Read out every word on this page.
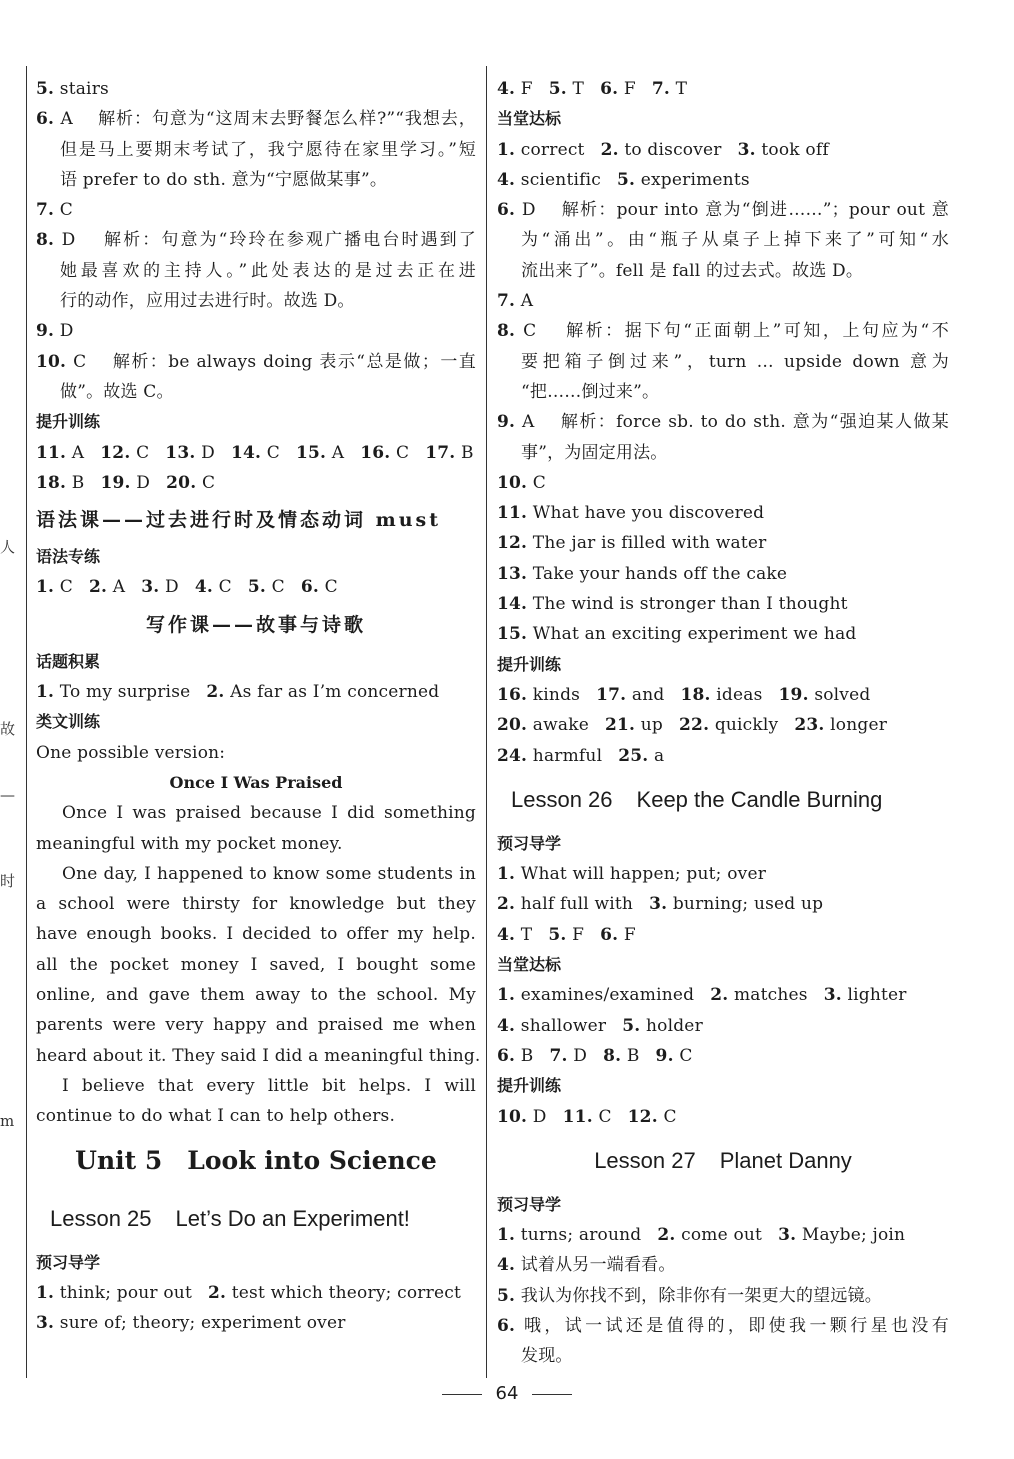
人
故
—
时
m
5. stairs
6. A　 解析：句意为“这周末去野餐怎么样?”“我想去，
但是马上要期末考试了，我宁愿待在家里学习。”短
语 prefer to do sth. 意为“宁愿做某事”。
7. C
8. D　 解析：句意为“玲玲在参观广播电台时遇到了
她最喜欢的主持人。”此处表达的是过去正在进
行的动作，应用过去进行时。故选 D。
9. D
10. C　 解析：be always doing 表示“总是做；一直
做”。故选 C。
提升训练
11. A 12. C 13. D 14. C 15. A 16. C 17. B
18. B 19. D 20. C
语法课——过去进行时及情态动词 must
语法专练
1. C 2. A 3. D 4. C 5. C 6. C
写作课——故事与诗歌
话题积累
1. To my surprise 2. As far as I’m concerned
类文训练
One possible version:
Once I Was Praised
Once I was praised because I did something
meaningful with my pocket money.
One day, I happened to know some students in
a school were thirsty for knowledge but they
have enough books. I decided to offer my help.
all the pocket money I saved, I bought some
online, and gave them away to the school. My
parents were very happy and praised me when
heard about it. They said I did a meaningful thing.
I believe that every little bit helps. I will
continue to do what I can to help others.
Unit 5　Look into Science
Lesson 25 Let’s Do an Experiment!
预习导学
1. think; pour out 2. test which theory; correct
3. sure of; theory; experiment over
4. F 5. T 6. F 7. T
当堂达标
1. correct 2. to discover 3. took off
4. scientific 5. experiments
6. D　 解析：pour into 意为“倒进……”；pour out 意
为“涌出”。由“瓶子从桌子上掉下来了”可知“水
流出来了”。fell 是 fall 的过去式。故选 D。
7. A
8. C　 解析：据下句“正面朝上”可知，上句应为“不
要把箱子倒过来”，turn … upside down 意为
“把……倒过来”。
9. A　 解析：force sb. to do sth. 意为“强迫某人做某
事”，为固定用法。
10. C
11. What have you discovered
12. The jar is filled with water
13. Take your hands off the cake
14. The wind is stronger than I thought
15. What an exciting experiment we had
提升训练
16. kinds 17. and 18. ideas 19. solved
20. awake 21. up 22. quickly 23. longer
24. harmful 25. a
Lesson 26 Keep the Candle Burning
预习导学
1. What will happen; put; over
2. half full with 3. burning; used up
4. T 5. F 6. F
当堂达标
1. examines/examined 2. matches 3. lighter
4. shallower 5. holder
6. B 7. D 8. B 9. C
提升训练
10. D 11. C 12. C
Lesson 27 Planet Danny
预习导学
1. turns; around 2. come out 3. Maybe; join
4. 试着从另一端看看。
5. 我认为你找不到，除非你有一架更大的望远镜。
6. 哦，试一试还是值得的，即使我一颗行星也没有
发现。
64
